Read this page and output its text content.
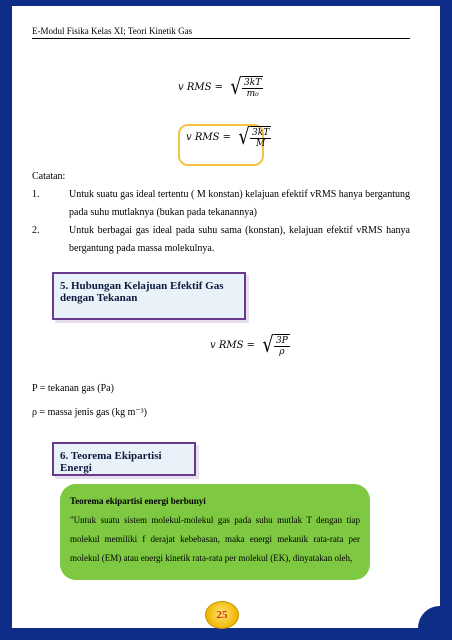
E-Modul Fisika Kelas XI; Teori Kinetik Gas
v RMS = √ $\frac{3kT}{\text{m₀}}$
v RMS = √ $\frac{3kT}{M}$
Catatan:
1.	Untuk suatu gas ideal tertentu ( M konstan) kelajuan efektif vRMS hanya bergantung pada suhu mutlaknya (bukan pada tekanannya)
2.	Untuk berbagai gas ideal pada suhu sama (konstan), kelajuan efektif vRMS hanya bergantung pada massa molekulnya.
5. Hubungan Kelajuan Efektif Gas dengan Tekanan
v RMS = √ $\frac{3P}{\rho}$
P = tekanan gas (Pa)
ρ = massa jenis gas (kg m⁻³)
6. Teorema Ekipartisi Energi
Teorema ekipartisi energi berbunyi
"Untuk suatu sistem molekul-molekul gas pada suhu mutlak T dengan tiap molekul memiliki f derajat kebebasan, maka energi mekanik rata-rata per molekul (EM) atau energi kinetik rata-rata per molekul (EK), dinyatakan oleh,
25
